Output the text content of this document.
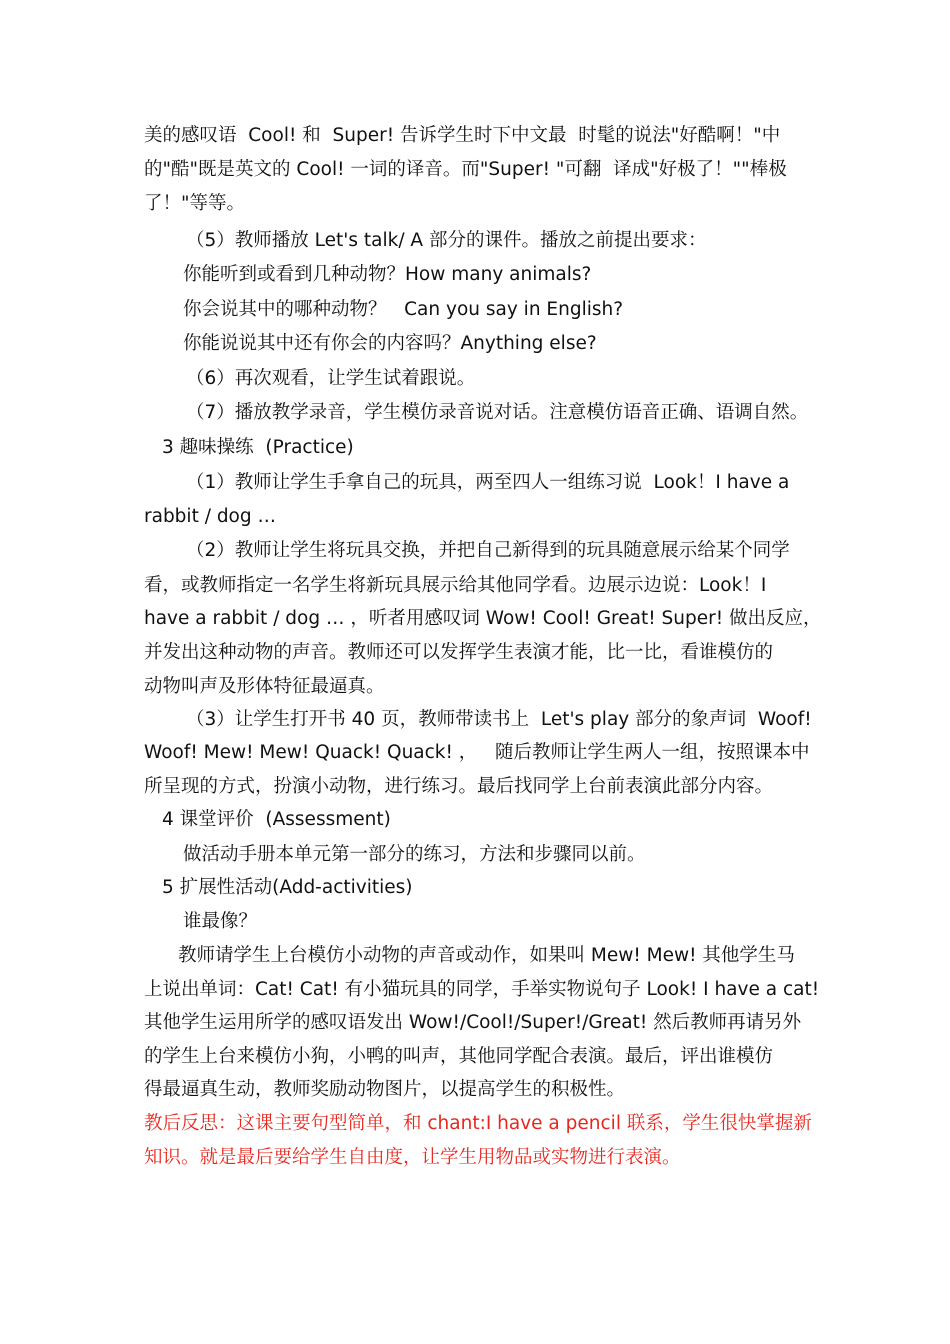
美的感叹语  Cool! 和  Super! 告诉学生时下中文最  时髦的说法"好酷啊！"中
的"酷"既是英文的 Cool! 一词的译音。而"Super! "可翻  译成"好极了！""棒极
了！"等等。
（5）教师播放 Let's talk/ A 部分的课件。播放之前提出要求：
你能听到或看到几种动物？How many animals?
你会说其中的哪种动物？   Can you say in English?
你能说说其中还有你会的内容吗？Anything else?
（6）再次观看，让学生试着跟说。
（7）播放教学录音，学生模仿录音说对话。注意模仿语音正确、语调自然。
3 趣味操练  (Practice)
（1）教师让学生手拿自己的玩具，两至四人一组练习说  Look！I have a
rabbit / dog …
（2）教师让学生将玩具交换，并把自己新得到的玩具随意展示给某个同学
看，或教师指定一名学生将新玩具展示给其他同学看。边展示边说：Look！I
have a rabbit / dog … ，听者用感叹词 Wow! Cool! Great! Super! 做出反应，
并发出这种动物的声音。教师还可以发挥学生表演才能，比一比，看谁模仿的
动物叫声及形体特征最逼真。
（3）让学生打开书 40 页，教师带读书上  Let's play 部分的象声词  Woof!
Woof! Mew! Mew! Quack! Quack! ，   随后教师让学生两人一组，按照课本中
所呈现的方式，扮演小动物，进行练习。最后找同学上台前表演此部分内容。
4 课堂评价  (Assessment)
做活动手册本单元第一部分的练习，方法和步骤同以前。
5 扩展性活动(Add-activities)
谁最像？
教师请学生上台模仿小动物的声音或动作，如果叫 Mew! Mew! 其他学生马
上说出单词：Cat! Cat! 有小猫玩具的同学，手举实物说句子 Look! I have a cat!
其他学生运用所学的感叹语发出 Wow!/Cool!/Super!/Great! 然后教师再请另外
的学生上台来模仿小狗，小鸭的叫声，其他同学配合表演。最后，评出谁模仿
得最逼真生动，教师奖励动物图片，以提高学生的积极性。
教后反思：这课主要句型简单，和 chant:I have a pencil 联系，学生很快掌握新
知识。就是最后要给学生自由度，让学生用物品或实物进行表演。
